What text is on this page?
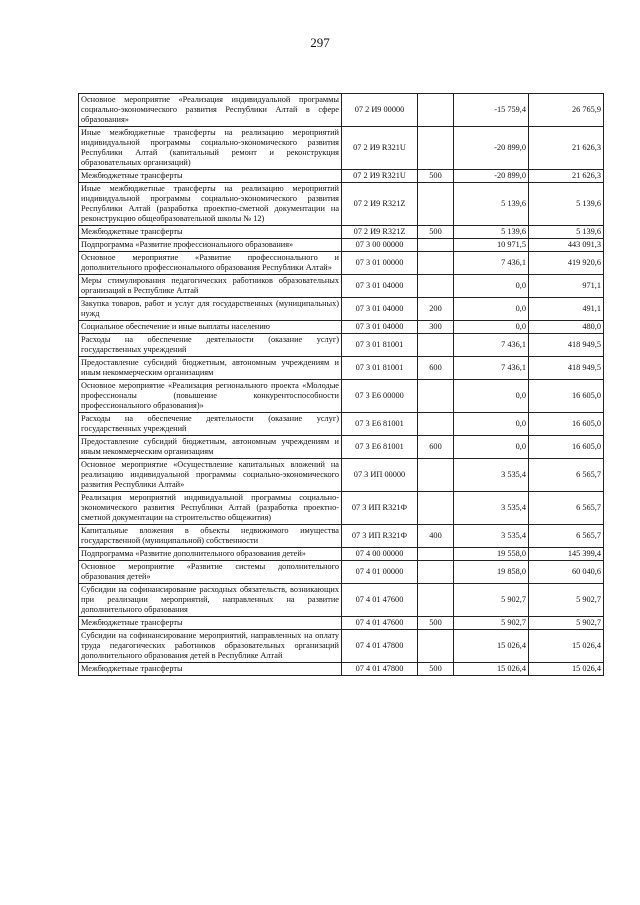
297
Основное мероприятие «Реализация индивидуальной программы социально-экономического развития Республики Алтай в сфере образования»	07 2 И9 00000		-15 759,4	26 765,9
Иные межбюджетные трансферты на реализацию мероприятий индивидуальной программы социально-экономического развития Республики Алтай (капитальный ремонт и реконструкция образовательных организаций)	07 2 И9 R321U		-20 899,0	21 626,3
Межбюджетные трансферты	07 2 И9 R321U	500	-20 899,0	21 626,3
Иные межбюджетные трансферты на реализацию мероприятий индивидуальной программы социально-экономического развития Республики Алтай (разработка проектно-сметной документации на реконструкцию общеобразовательной школы № 12)	07 2 И9 R321Z		5 139,6	5 139,6
Межбюджетные трансферты	07 2 И9 R321Z	500	5 139,6	5 139,6
Подпрограмма «Развитие профессионального образования»	07 3 00 00000		10 971,5	443 091,3
Основное мероприятие «Развитие профессионального и дополнительного профессионального образования Республики Алтай»	07 3 01 00000		7 436,1	419 920,6
Меры стимулирования педагогических работников образовательных организаций в Республике Алтай	07 3 01 04000		0,0	971,1
Закупка товаров, работ и услуг для государственных (муниципальных) нужд	07 3 01 04000	200	0,0	491,1
Социальное обеспечение и иные выплаты населению	07 3 01 04000	300	0,0	480,0
Расходы на обеспечение деятельности (оказание услуг) государственных учреждений	07 3 01 81001		7 436,1	418 949,5
Предоставление субсидий бюджетным, автономным учреждениям и иным некоммерческим организациям	07 3 01 81001	600	7 436,1	418 949,5
Основное мероприятие «Реализация регионального проекта «Молодые профессионалы (повышение конкурентоспособности профессионального образования)»	07 3 Е6 00000		0,0	16 605,0
Расходы на обеспечение деятельности (оказание услуг) государственных учреждений	07 3 Е6 81001		0,0	16 605,0
Предоставление субсидий бюджетным, автономным учреждениям и иным некоммерческим организациям	07 3 Е6 81001	600	0,0	16 605,0
Основное мероприятие «Осуществление капитальных вложений на реализацию индивидуальной программы социально-экономического развития Республики Алтай»	07 3 ИП 00000		3 535,4	6 565,7
Реализация мероприятий индивидуальной программы социально-экономического развития Республики Алтай (разработка проектно-сметной документации на строительство общежития)	07 3 ИП R321Ф		3 535,4	6 565,7
Капитальные вложения в объекты недвижимого имущества государственной (муниципальной) собственности	07 3 ИП R321Ф	400	3 535,4	6 565,7
Подпрограмма «Развитие дополнительного образования детей»	07 4 00 00000		19 558,0	145 399,4
Основное мероприятие «Развитие системы дополнительного образования детей»	07 4 01 00000		19 858,0	60 040,6
Субсидии на софинансирование расходных обязательств, возникающих при реализации мероприятий, направленных на развитие дополнительного образования	07 4 01 47600		5 902,7	5 902,7
Межбюджетные трансферты	07 4 01 47600	500	5 902,7	5 902,7
Субсидии на софинансирование мероприятий, направленных на оплату труда педагогических работников образовательных организаций дополнительного образования детей в Республике Алтай	07 4 01 47800		15 026,4	15 026,4
Межбюджетные трансферты	07 4 01 47800	500	15 026,4	15 026,4
